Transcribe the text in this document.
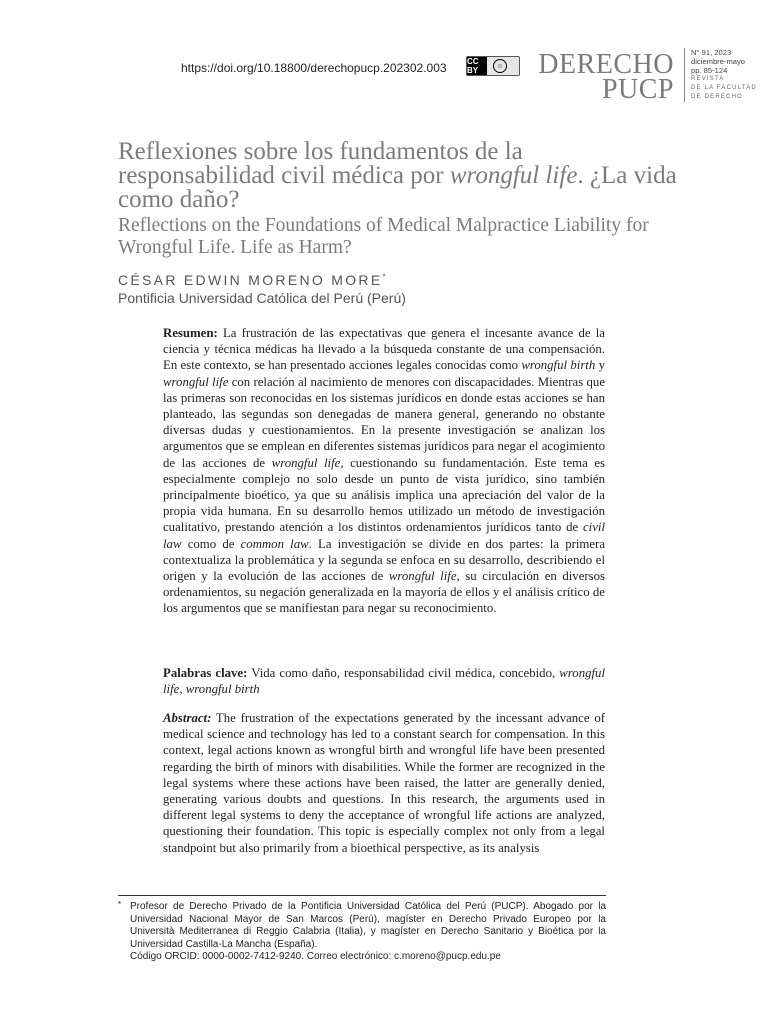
https://doi.org/10.18800/derechopucp.202302.003	CC BY	☺ DERECHO
PUCP
N° 91, 2023
diciembre-mayo
pp. 85-124
REVISTA
DE LA FACULTAD
DE DERECHO
Reflexiones sobre los fundamentos de la responsabilidad civil médica por wrongful life. ¿La vida como daño?
Reflections on the Foundations of Medical Malpractice Liability for Wrongful Life. Life as Harm?
CÉSAR EDWIN MORENO MORE*
Pontificia Universidad Católica del Perú (Perú)
Resumen: La frustración de las expectativas que genera el incesante avance de la ciencia y técnica médicas ha llevado a la búsqueda constante de una compensación. En este contexto, se han presentado acciones legales conocidas como wrongful birth y wrongful life con relación al nacimiento de menores con discapacidades. Mientras que las primeras son reconocidas en los sistemas jurídicos en donde estas acciones se han planteado, las segundas son denegadas de manera general, generando no obstante diversas dudas y cuestionamientos. En la presente investigación se analizan los argumentos que se emplean en diferentes sistemas jurídicos para negar el acogimiento de las acciones de wrongful life, cuestionando su fundamentación. Este tema es especialmente complejo no solo desde un punto de vista jurídico, sino también principalmente bioético, ya que su análisis implica una apreciación del valor de la propia vida humana. En su desarrollo hemos utilizado un método de investigación cualitativo, prestando atención a los distintos ordenamientos jurídicos tanto de civil law como de common law. La investigación se divide en dos partes: la primera contextualiza la problemática y la segunda se enfoca en su desarrollo, describiendo el origen y la evolución de las acciones de wrongful life, su circulación en diversos ordenamientos, su negación generalizada en la mayoría de ellos y el análisis crítico de los argumentos que se manifiestan para negar su reconocimiento.
Palabras clave: Vida como daño, responsabilidad civil médica, concebido, wrongful life, wrongful birth
Abstract: The frustration of the expectations generated by the incessant advance of medical science and technology has led to a constant search for compensation. In this context, legal actions known as wrongful birth and wrongful life have been presented regarding the birth of minors with disabilities. While the former are recognized in the legal systems where these actions have been raised, the latter are generally denied, generating various doubts and questions. In this research, the arguments used in different legal systems to deny the acceptance of wrongful life actions are analyzed, questioning their foundation. This topic is especially complex not only from a legal standpoint but also primarily from a bioethical perspective, as its analysis
* Profesor de Derecho Privado de la Pontificia Universidad Católica del Perú (PUCP). Abogado por la Universidad Nacional Mayor de San Marcos (Perú), magíster en Derecho Privado Europeo por la Università Mediterranea di Reggio Calabria (Italia), y magíster en Derecho Sanitario y Bioética por la Universidad Castilla-La Mancha (España).
Código ORCID: 0000-0002-7412-9240. Correo electrónico: c.moreno@pucp.edu.pe
